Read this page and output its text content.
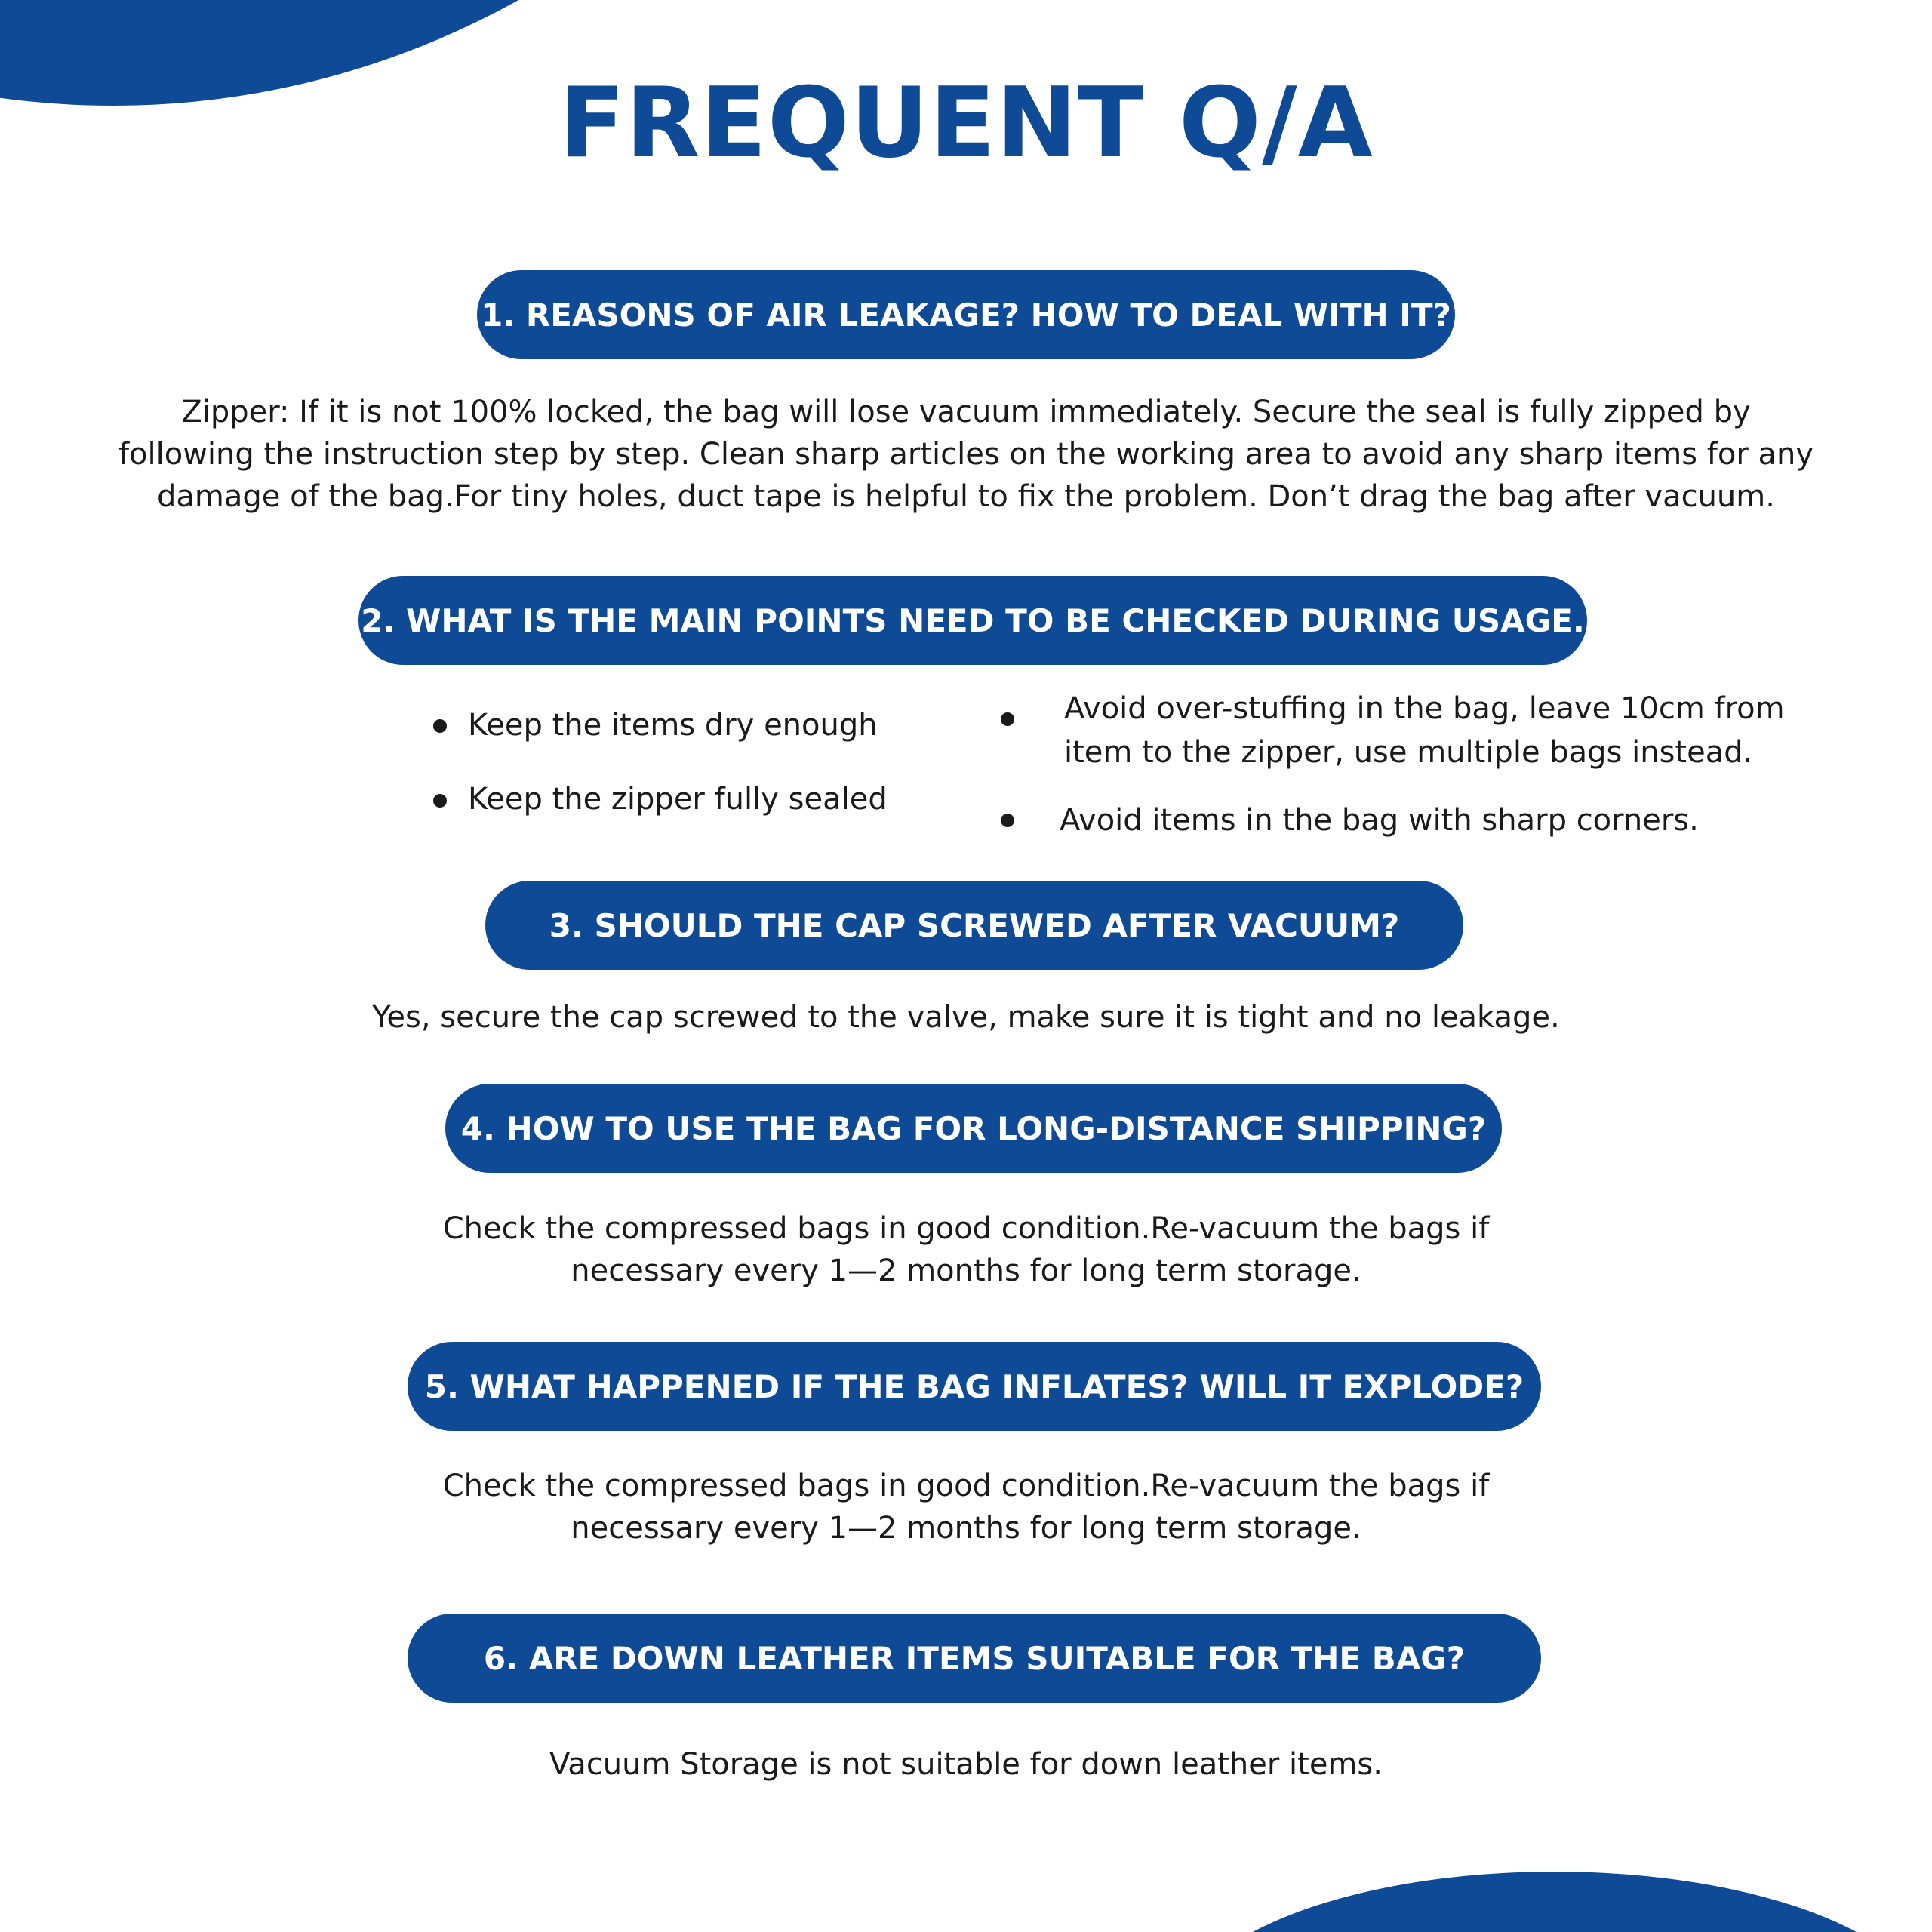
FREQUENT Q/A
1. REASONS OF AIR LEAKAGE? HOW TO DEAL WITH IT?
Zipper: If it is not 100% locked, the bag will lose vacuum immediately. Secure the seal is fully zipped by
following the instruction step by step. Clean sharp articles on the working area to avoid any sharp items for any
damage of the bag.For tiny holes, duct tape is helpful to fix the problem. Don’t drag the bag after vacuum.
2. WHAT IS THE MAIN POINTS NEED TO BE CHECKED DURING USAGE.
Keep the items dry enough
Keep the zipper fully sealed
Avoid over-stuffing in the bag, leave 10cm from
item to the zipper, use multiple bags instead.
Avoid items in the bag with sharp corners.
3. SHOULD THE CAP SCREWED AFTER VACUUM?
Yes, secure the cap screwed to the valve, make sure it is tight and no leakage.
4. HOW TO USE THE BAG FOR LONG-DISTANCE SHIPPING?
Check the compressed bags in good condition.Re-vacuum the bags if
necessary every 1—2 months for long term storage.
5. WHAT HAPPENED IF THE BAG INFLATES? WILL IT EXPLODE?
Check the compressed bags in good condition.Re-vacuum the bags if
necessary every 1—2 months for long term storage.
6. ARE DOWN LEATHER ITEMS SUITABLE FOR THE BAG?
Vacuum Storage is not suitable for down leather items.
